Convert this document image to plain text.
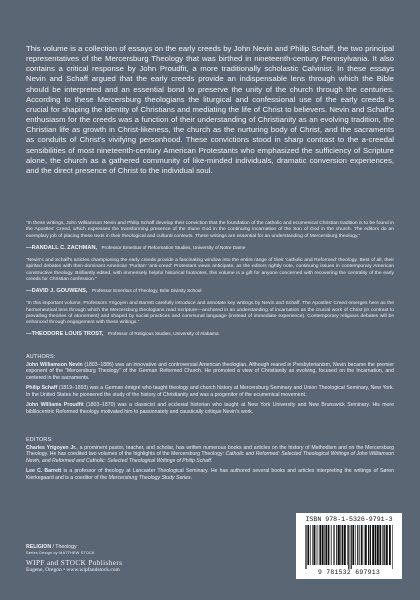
This volume is a collection of essays on the early creeds by John Nevin and Philip Schaff, the two principal representatives of the Mercersburg Theology that was birthed in nineteenth-century Pennsylvania. It also contains a critical response by John Proudfit, a more traditionally scholastic Calvinist. In these essays Nevin and Schaff argued that the early creeds provide an indispensable lens through which the Bible should be interpreted and an essential bond to preserve the unity of the church through the centuries. According to these Mercersburg theologians the liturgical and confessional use of the early creeds is crucial for shaping the identity of Christians and mediating the life of Christ to believers. Nevin and Schaff's enthusiasm for the creeds was a function of their understanding of Christianity as an evolving tradition, the Christian life as growth in Christ-likeness, the church as the nurturing body of Christ, and the sacraments as conduits of Christ's vivifying personhood. These convictions stood in sharp contrast to the a-creedal sensibilities of most nineteenth-century American Protestants who emphasized the sufficiency of Scripture alone, the church as a gathered community of like-minded individuals, dramatic conversion experiences, and the direct presence of Christ to the individual soul.

“In these writings, John Williamson Nevin and Philip Schaff develop their conviction that the foundation of the catholic and ecumenical Christian tradition is to be found in the Apostles' Creed, which expresses the transforming presence of the triune God in the continuing incarnation of the Son of God in the church. The editors do an exemplary job of placing these texts in their theological and cultural contexts. These writings are essential for an understanding of Mercersburg theology.”

—RANDALL C. ZACHMAN, Professor Emeritus of Reformation Studies, University of Notre Dame

“Nevin's and Schaff's articles championing the early creeds provide a fascinating window into the entire range of their 'catholic and Reformed' theology. Best of all, their spirited debates with then-dominant American 'Puritan' 'anti-creed' Protestant views anticipate, as the editors rightly note, continuing issues in contemporary American constructive theology. Brilliantly edited, with immensely helpful historical footnotes, this volume is a gift for anyone concerned with recovering the centrality of the early creeds for Christian confession.”

—DAVID J. GOUWENS, Professor Emeritus of Theology, Brite Divinity School

“In this important volume, Professors Yrigoyen and Barrett carefully introduce and annotate key writings by Nevin and Schaff. The Apostles' Creed emerges here as the hermeneutical lens through which the Mercersburg theologians read Scripture—anchored in an understanding of incarnation as the crucial work of Christ (in contrast to prevailing theories of atonement) and shaped by social practices and communal language (instead of immediate experience). Contemporary religious debates will be enhanced through engagement with these writings.”

—THEODORE LOUIS TROST, Professor of Religious Studies, University of Alabama

AUTHORS:

John Williamson Nevin (1803–1886) was an innovative and controversial American theologian. Although reared in Presbyterianism, Nevin became the premier exponent of the “Mercersburg Theology” of the German Reformed Church. He promoted a view of Christianity as evolving, focused on the Incarnation, and centered in the sacraments.

Philip Schaff (1819–1893) was a German émigré who taught theology and church history at Mercersburg Seminary and Union Theological Seminary, New York. In the United States he pioneered the study of the history of Christianity and was a progenitor of the ecumenical movement.

John Williams Proudfit (1803–1870) was a classicist and ecclesial historian who taught at New York University and New Brunswick Seminary. His more biblilocentric Reformed theology motivated him to passionately and caustically critique Nevin's work.

EDITORS:

Charles Yrigoyen Jr., a prominent pastor, teacher, and scholar, has written numerous books and articles on the history of Methodism and on the Mercersburg Theology. He has coedited two volumes of the highlights of the Mercersburg Theology: Catholic and Reformed: Selected Theological Writings of John Williamson Nevin, and Reformed and Catholic: Selected Theological Writings of Philip Schaff.

Lee C. Barrett is a professor of theology at Lancaster Theological Seminary. He has authored several books and articles interpreting the writings of Søren Kierkegaard and is a coeditor of the Mercersburg Theology Study Series.

RELIGION / Theology

Series Design by MATTHEW STOCK

WIPF and STOCK Publishers

Eugene, Oregon • www.wipfandstock.com

ISBN 978-1-5326-9791-3
9 781532 697913
